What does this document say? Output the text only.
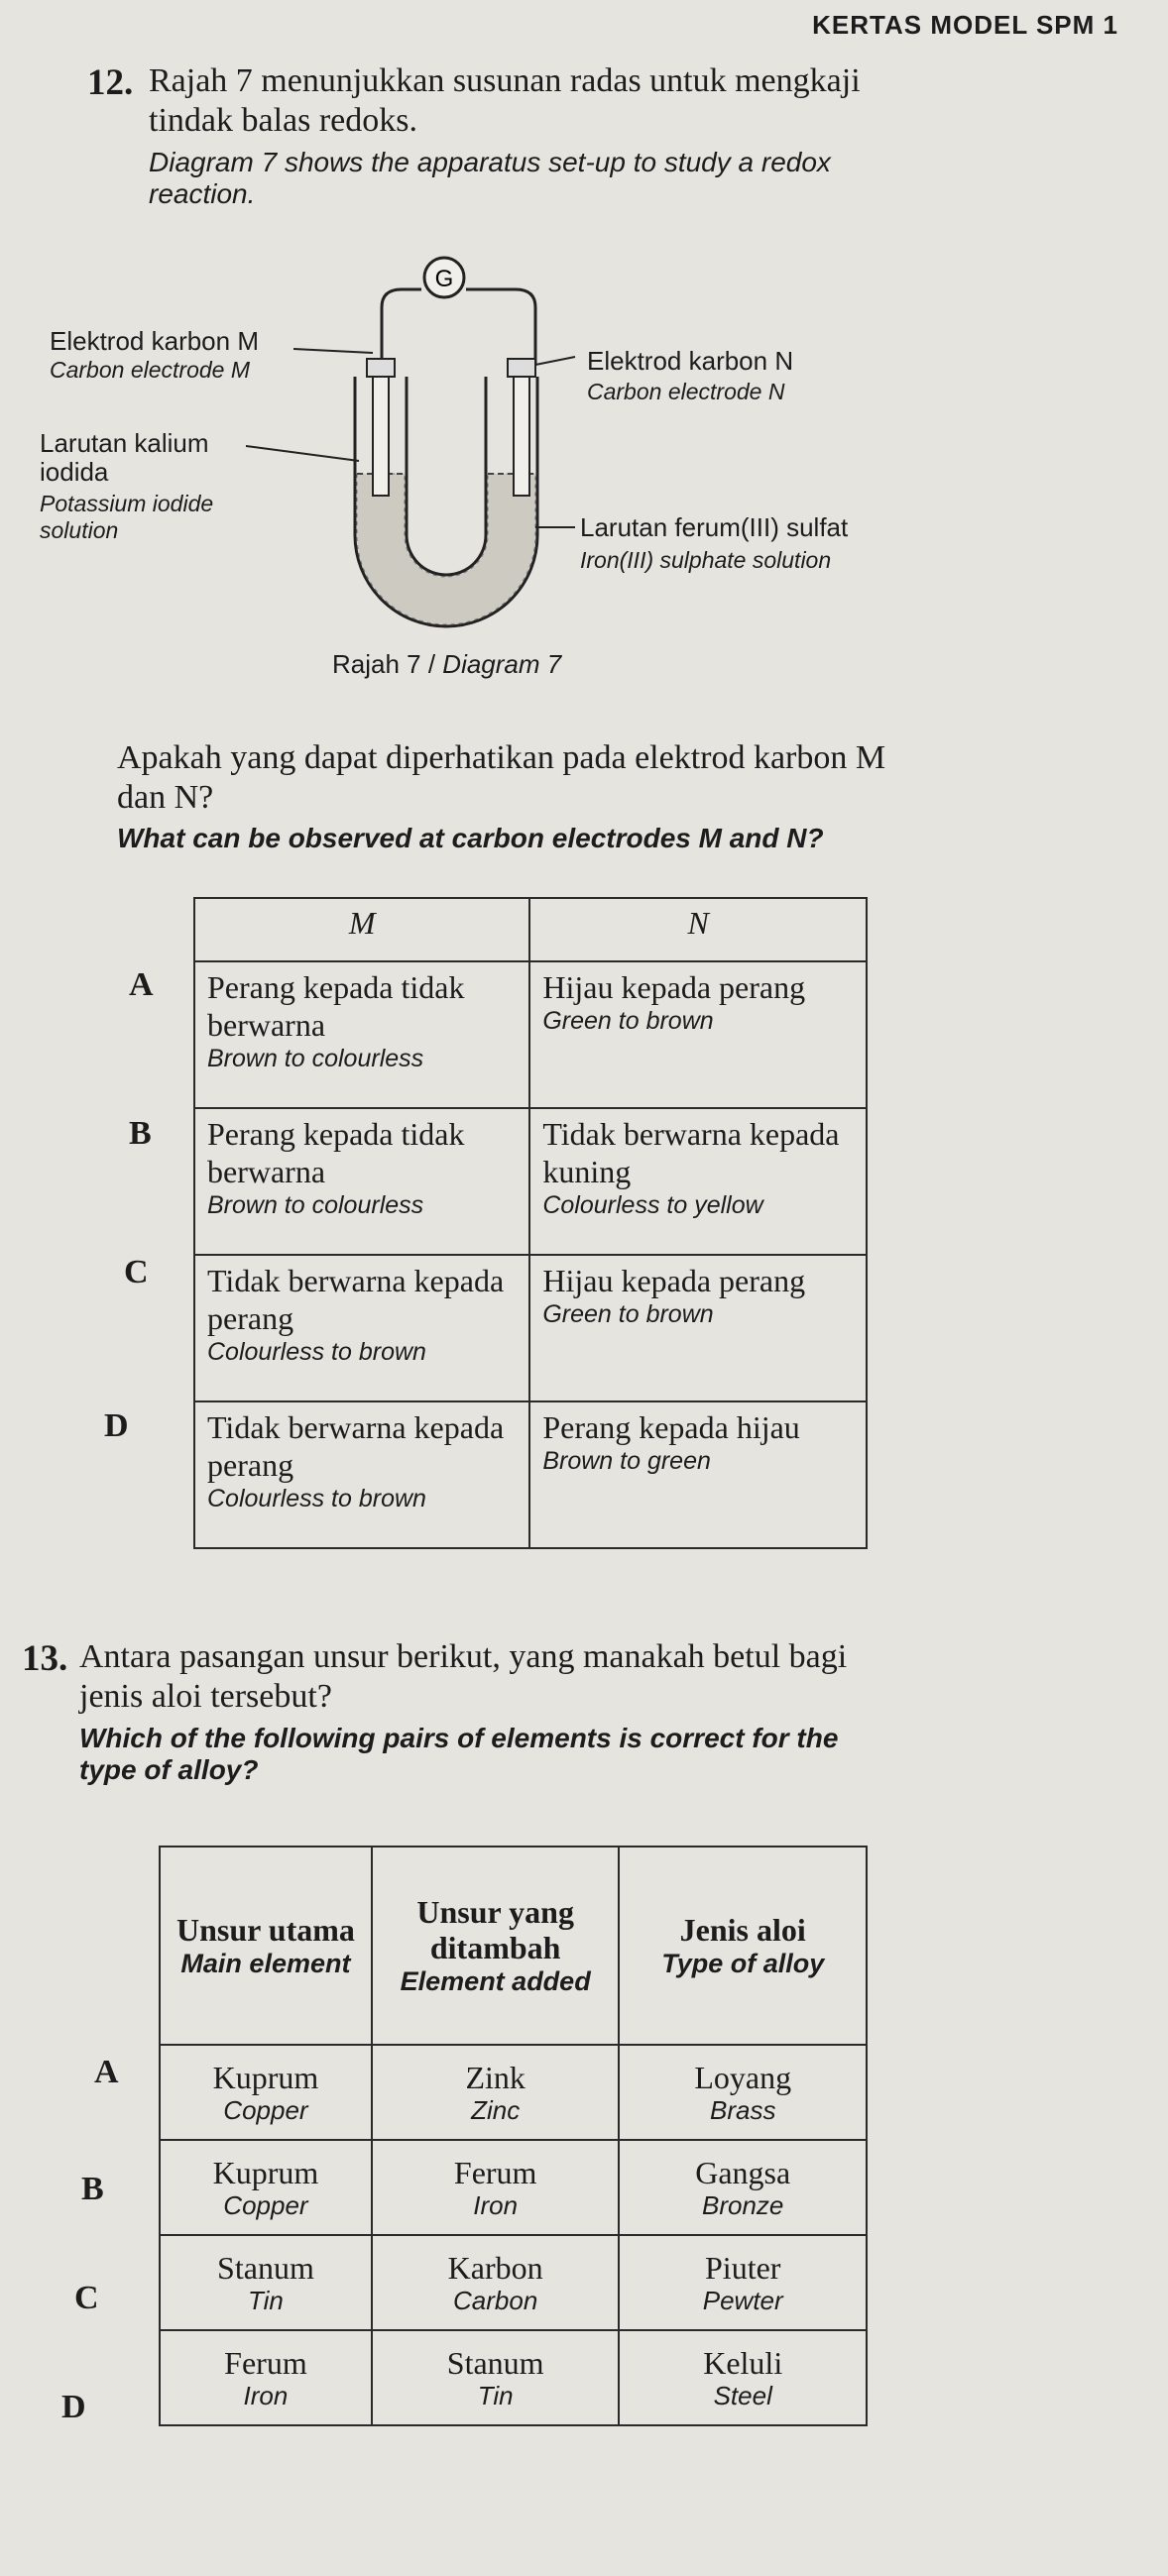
KERTAS MODEL SPM 1
12. Rajah 7 menunjukkan susunan radas untuk mengkaji tindak balas redoks.
Diagram 7 shows the apparatus set-up to study a redox reaction.
G
Elektrod karbon M
Carbon electrode M	Elektrod karbon N
Carbon electrode N
Larutan kalium
iodida
Potassium iodide
solution	Larutan ferum(III) sulfat
Iron(III) sulphate solution
Rajah 7 / Diagram 7
Apakah yang dapat diperhatikan pada elektrod karbon M dan N?
What can be observed at carbon electrodes M and N?
M	N

Perang kepada tidak berwarna
Brown to colourless	Hijau kepada perang
Green to brown

Perang kepada tidak berwarna
Brown to colourless	Tidak berwarna kepada kuning
Colourless to yellow

Tidak berwarna kepada perang
Colourless to brown	Hijau kepada perang
Green to brown

Tidak berwarna kepada perang
Colourless to brown	Perang kepada hijau
Brown to green
A
B
C
D
13. Antara pasangan unsur berikut, yang manakah betul bagi jenis aloi tersebut?
Which of the following pairs of elements is correct for the type of alloy?
Unsur utama
Main element	Unsur yang ditambah
Element added	Jenis aloi
Type of alloy

Kuprum
Copper	Zink
Zinc	Loyang
Brass

Kuprum
Copper	Ferum
Iron	Gangsa
Bronze

Stanum
Tin	Karbon
Carbon	Piuter
Pewter

Ferum
Iron	Stanum
Tin	Keluli
Steel
A
B
C
D
